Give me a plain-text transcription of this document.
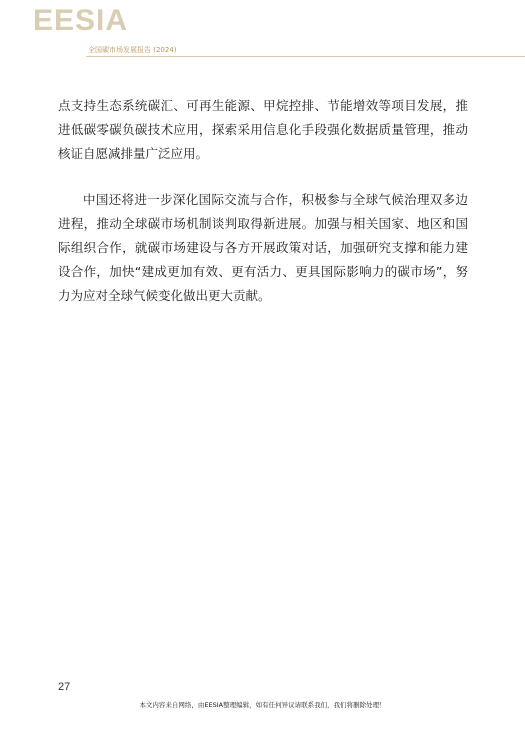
EESIA
全国碳市场发展报告 (2024)

点支持生态系统碳汇、可再生能源、甲烷控排、节能增效等项目发展，推进低碳零碳负碳技术应用，探索采用信息化手段强化数据质量管理，推动核证自愿减排量广泛应用。

中国还将进一步深化国际交流与合作，积极参与全球气候治理双多边进程，推动全球碳市场机制谈判取得新进展。加强与相关国家、地区和国际组织合作，就碳市场建设与各方开展政策对话，加强研究支撑和能力建设合作，加快“建成更加有效、更有活力、更具国际影响力的碳市场”，努力为应对全球气候变化做出更大贡献。

27
本文内容来自网络，由EESIA整理编辑，如有任何异议请联系我们，我们将删除处理！
